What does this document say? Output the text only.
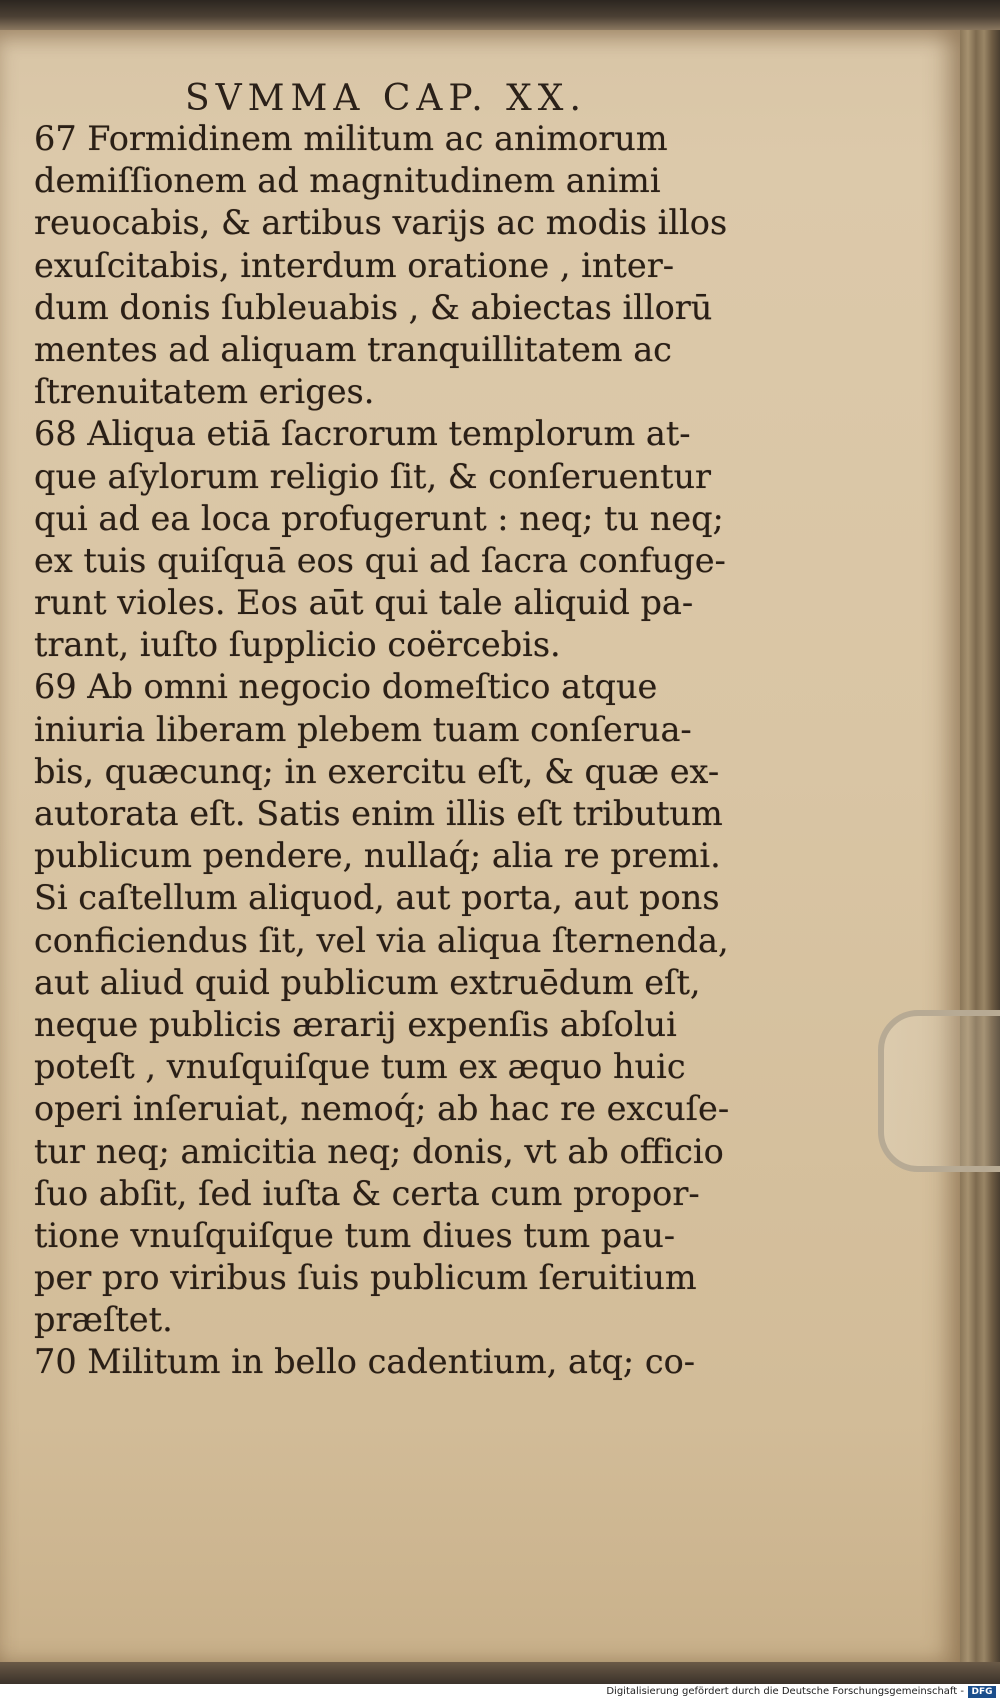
SVMMA CAP. XX.
67 Formidinem militum ac animorum
demiſſionem ad magnitudinem animi
reuocabis, & artibus varijs ac modis illos
exuſcitabis, interdum oratione , inter-
dum donis ſubleuabis , & abiectas illorū
mentes ad aliquam tranquillitatem ac
ſtrenuitatem eriges.
68 Aliqua etiā ſacrorum templorum at-
que aſylorum religio ſit, & conſeruentur
qui ad ea loca profugerunt : neq; tu neq;
ex tuis quiſquā eos qui ad ſacra confuge-
runt violes. Eos aūt qui tale aliquid pa-
trant, iuſto ſupplicio coërcebis.
69 Ab omni negocio domeſtico atque
iniuria liberam plebem tuam conſerua-
bis, quæcunq; in exercitu eſt, & quæ ex-
autorata eſt. Satis enim illis eſt tributum
publicum pendere, nullaq́; alia re premi.
Si caſtellum aliquod, aut porta, aut pons
conficiendus ſit, vel via aliqua ſternenda,
aut aliud quid publicum extruēdum eſt,
neque publicis ærarij expenſis abſolui
poteſt , vnuſquiſque tum ex æquo huic
operi inſeruiat, nemoq́; ab hac re excuſe-
tur neq; amicitia neq; donis, vt ab officio
ſuo abſit, ſed iuſta & certa cum propor-
tione vnuſquiſque tum diues tum pau-
per pro viribus ſuis publicum ſeruitium
præſtet.
70 Militum in bello cadentium, atq; co-
Digitalisierung gefördert durch die Deutsche Forschungsgemeinschaft - DFG
